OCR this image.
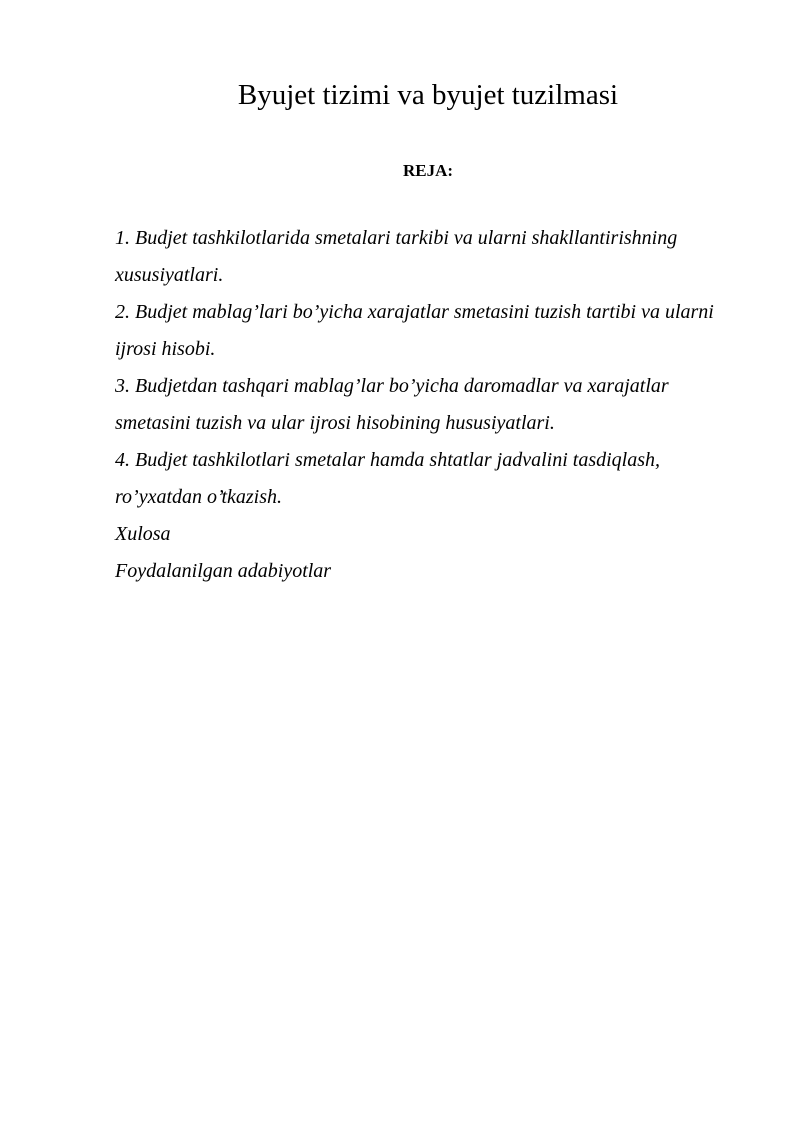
Byujet tizimi va byujet tuzilmasi
REJA:
1. Budjet tashkilotlarida smetalari tarkibi va ularni shakllantirishning xususiyatlari.
2. Budjet mablag’lari bo’yicha xarajatlar smetasini tuzish tartibi va ularni ijrosi hisobi.
3. Budjetdan tashqari mablag’lar bo’yicha daromadlar va xarajatlar smetasini tuzish va ular ijrosi hisobining hususiyatlari.
4. Budjet tashkilotlari smetalar hamda shtatlar jadvalini tasdiqlash, ro’yxatdan o’tkazish.
Xulosa
Foydalanilgan adabiyotlar
